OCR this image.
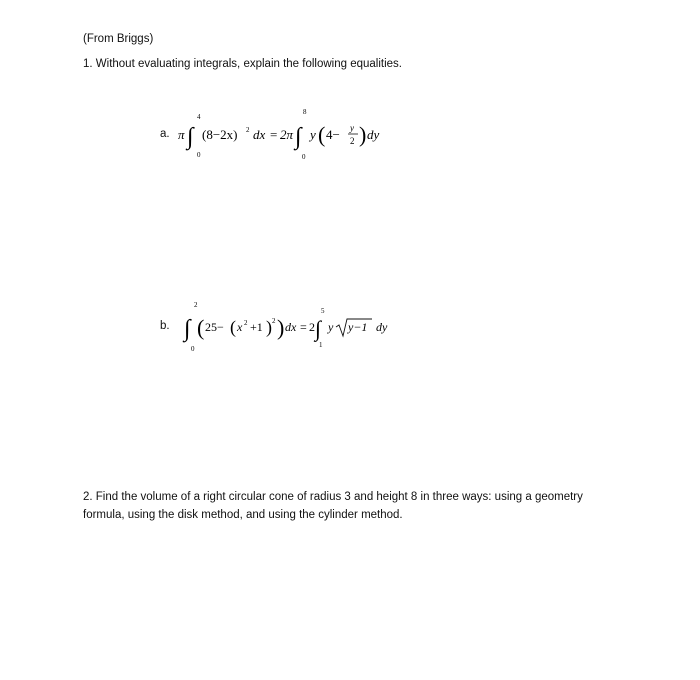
(From Briggs)
1. Without evaluating integrals, explain the following equalities.
a. π ∫
4
0
(8−2x) 2 dx = 2π ∫
8
0
y ( 4− y
2 ) dy
b. ∫
2
0
( 25− ( x 2 +1 ) 2 ) dx = 2 ∫
5
1
y y−1 dy
2. Find the volume of a right circular cone of radius 3 and height 8 in three ways: using a geometry formula, using the disk method, and using the cylinder method.
